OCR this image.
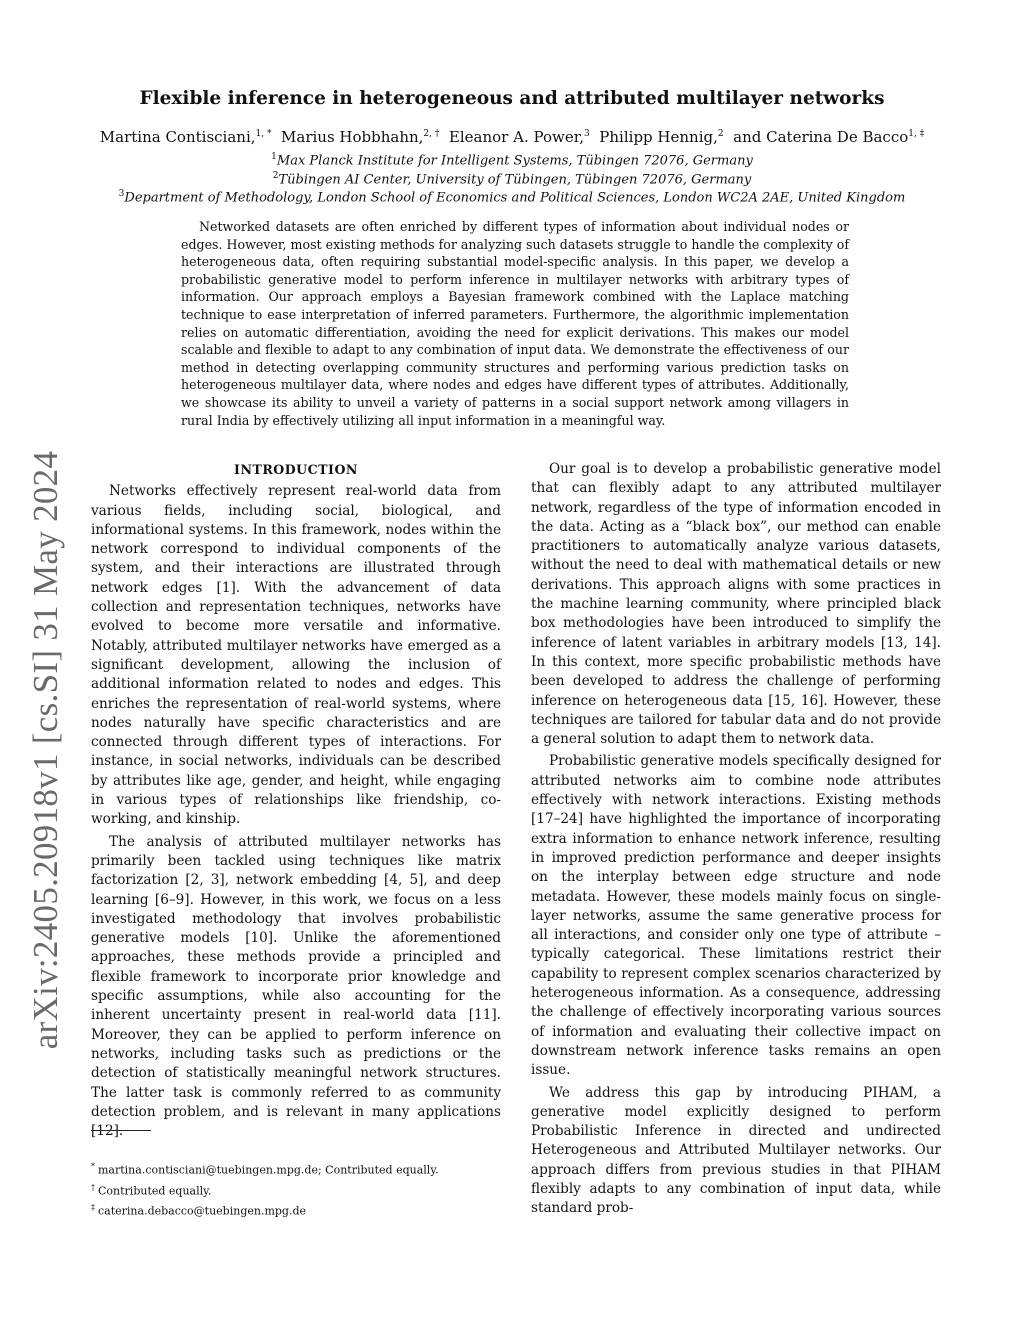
arXiv:2405.20918v1 [cs.SI] 31 May 2024
Flexible inference in heterogeneous and attributed multilayer networks
Martina Contisciani,$^{1, *}$ Marius Hobbhahn,$^{2, \dagger}$ Eleanor A. Power,$^3$ Philipp Hennig,$^2$ and Caterina De Bacco$^{1, \ddagger}$
$^1$Max Planck Institute for Intelligent Systems, Tübingen 72076, Germany
$^2$Tübingen AI Center, University of Tübingen, Tübingen 72076, Germany
$^3$Department of Methodology, London School of Economics and Political Sciences, London WC2A 2AE, United Kingdom
Networked datasets are often enriched by different types of information about individual nodes or edges. However, most existing methods for analyzing such datasets struggle to handle the complexity of heterogeneous data, often requiring substantial model-specific analysis. In this paper, we develop a probabilistic generative model to perform inference in multilayer networks with arbitrary types of information. Our approach employs a Bayesian framework combined with the Laplace matching technique to ease interpretation of inferred parameters. Furthermore, the algorithmic implementation relies on automatic differentiation, avoiding the need for explicit derivations. This makes our model scalable and flexible to adapt to any combination of input data. We demonstrate the effectiveness of our method in detecting overlapping community structures and performing various prediction tasks on heterogeneous multilayer data, where nodes and edges have different types of attributes. Additionally, we showcase its ability to unveil a variety of patterns in a social support network among villagers in rural India by effectively utilizing all input information in a meaningful way.

INTRODUCTION

Networks effectively represent real-world data from various fields, including social, biological, and informational systems. In this framework, nodes within the network correspond to individual components of the system, and their interactions are illustrated through network edges [1]. With the advancement of data collection and representation techniques, networks have evolved to become more versatile and informative. Notably, attributed multilayer networks have emerged as a significant development, allowing the inclusion of additional information related to nodes and edges. This enriches the representation of real-world systems, where nodes naturally have specific characteristics and are connected through different types of interactions. For instance, in social networks, individuals can be described by attributes like age, gender, and height, while engaging in various types of relationships like friendship, co-working, and kinship.

The analysis of attributed multilayer networks has primarily been tackled using techniques like matrix factorization [2, 3], network embedding [4, 5], and deep learning [6–9]. However, in this work, we focus on a less investigated methodology that involves probabilistic generative models [10]. Unlike the aforementioned approaches, these methods provide a principled and flexible framework to incorporate prior knowledge and specific assumptions, while also accounting for the inherent uncertainty present in real-world data [11]. Moreover, they can be applied to perform inference on networks, including tasks such as predictions or the detection of statistically meaningful network structures. The latter task is commonly referred to as community detection problem, and is relevant in many applications [12].

Our goal is to develop a probabilistic generative model that can flexibly adapt to any attributed multilayer network, regardless of the type of information encoded in the data. Acting as a “black box”, our method can enable practitioners to automatically analyze various datasets, without the need to deal with mathematical details or new derivations. This approach aligns with some practices in the machine learning community, where principled black box methodologies have been introduced to simplify the inference of latent variables in arbitrary models [13, 14]. In this context, more specific probabilistic methods have been developed to address the challenge of performing inference on heterogeneous data [15, 16]. However, these techniques are tailored for tabular data and do not provide a general solution to adapt them to network data.

Probabilistic generative models specifically designed for attributed networks aim to combine node attributes effectively with network interactions. Existing methods [17–24] have highlighted the importance of incorporating extra information to enhance network inference, resulting in improved prediction performance and deeper insights on the interplay between edge structure and node metadata. However, these models mainly focus on single-layer networks, assume the same generative process for all interactions, and consider only one type of attribute – typically categorical. These limitations restrict their capability to represent complex scenarios characterized by heterogeneous information. As a consequence, addressing the challenge of effectively incorporating various sources of information and evaluating their collective impact on downstream network inference tasks remains an open issue.

We address this gap by introducing PIHAM, a generative model explicitly designed to perform Probabilistic Inference in directed and undirected Heterogeneous and Attributed Multilayer networks. Our approach differs from previous studies in that PIHAM flexibly adapts to any combination of input data, while standard prob-

* martina.contisciani@tuebingen.mpg.de; Contributed equally.
† Contributed equally.
‡ caterina.debacco@tuebingen.mpg.de
